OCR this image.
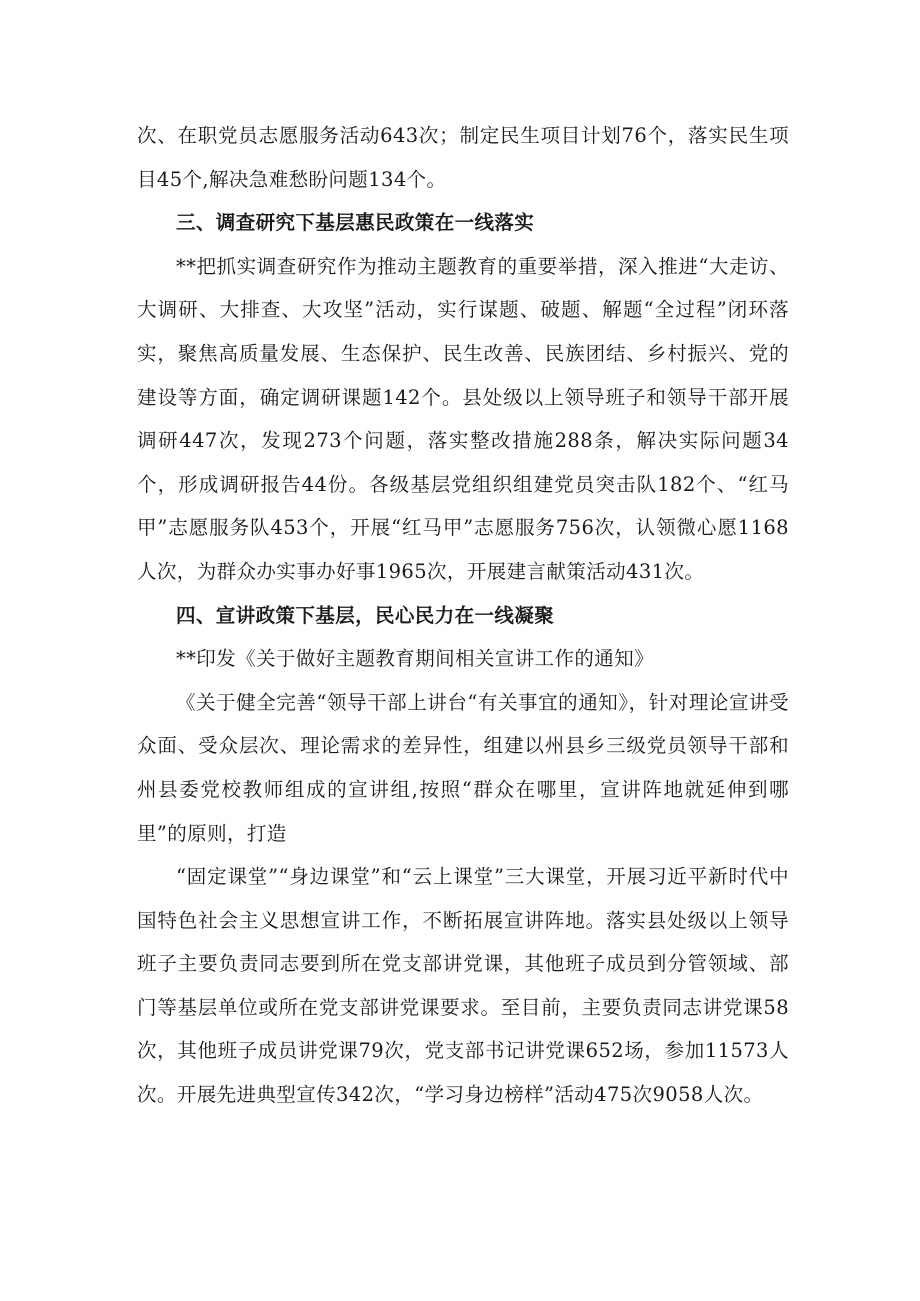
次、在职党员志愿服务活动643次；制定民生项目计划76个，落实民生项目45个,解决急难愁盼问题134个。

三、调查研究下基层惠民政策在一线落实

**把抓实调查研究作为推动主题教育的重要举措，深入推进“大走访、大调研、大排查、大攻坚”活动，实行谋题、破题、解题“全过程”闭环落实，聚焦高质量发展、生态保护、民生改善、民族团结、乡村振兴、党的建设等方面，确定调研课题142个。县处级以上领导班子和领导干部开展调研447次，发现273个问题，落实整改措施288条，解决实际问题34个，形成调研报告44份。各级基层党组织组建党员突击队182个、“红马甲”志愿服务队453个，开展“红马甲”志愿服务756次，认领微心愿1168人次，为群众办实事办好事1965次，开展建言献策活动431次。

四、宣讲政策下基层，民心民力在一线凝聚

**印发《关于做好主题教育期间相关宣讲工作的通知》

《关于健全完善“领导干部上讲台“有关事宜的通知》，针对理论宣讲受众面、受众层次、理论需求的差异性，组建以州县乡三级党员领导干部和州县委党校教师组成的宣讲组,按照“群众在哪里，宣讲阵地就延伸到哪里”的原则，打造

“固定课堂”“身边课堂”和“云上课堂”三大课堂，开展习近平新时代中国特色社会主义思想宣讲工作，不断拓展宣讲阵地。落实县处级以上领导班子主要负责同志要到所在党支部讲党课，其他班子成员到分管领域、部门等基层单位或所在党支部讲党课要求。至目前，主要负责同志讲党课58次，其他班子成员讲党课79次，党支部书记讲党课652场，参加11573人次。开展先进典型宣传342次，“学习身边榜样”活动475次9058人次。
